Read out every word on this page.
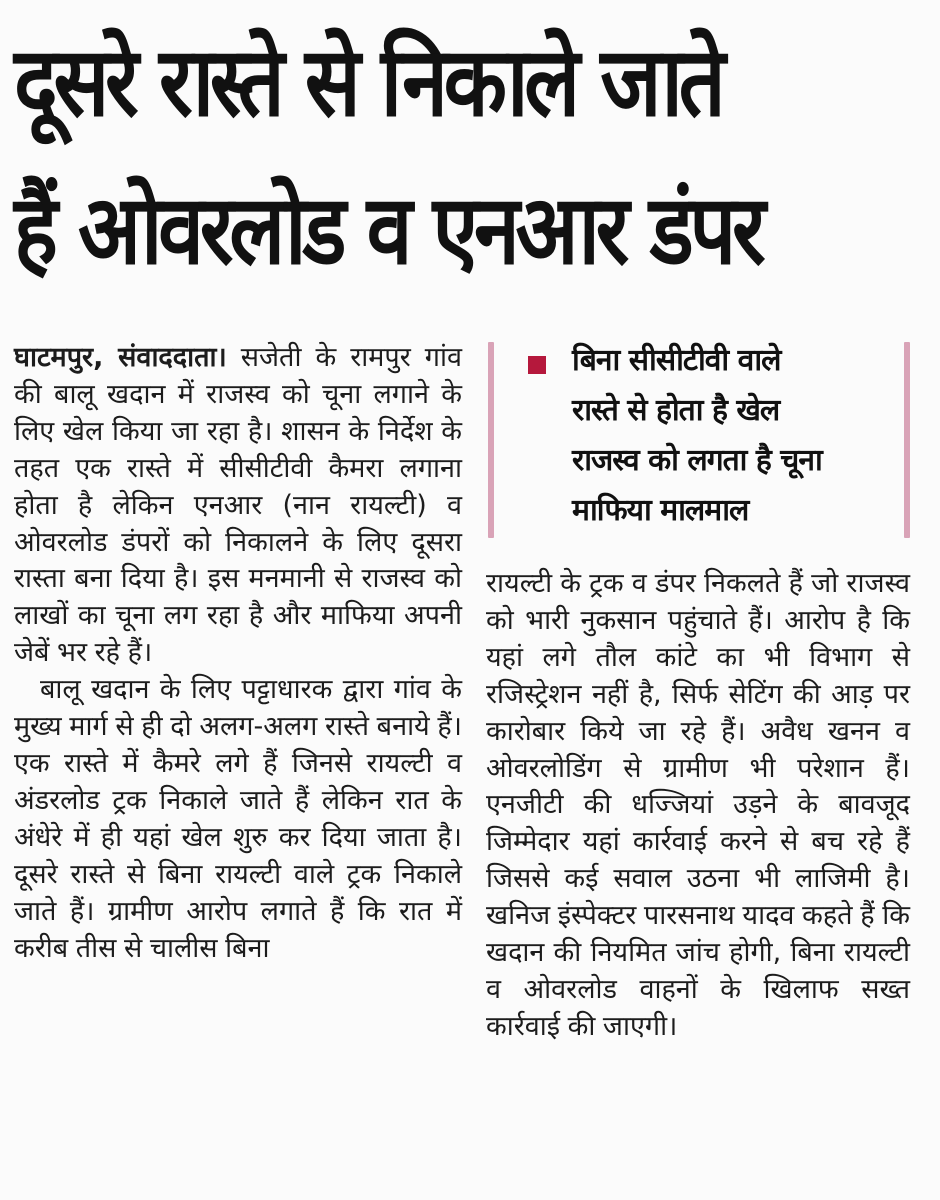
दूसरे रास्ते से निकाले जाते
हैं ओवरलोड व एनआर डंपर

घाटमपुर, संवाददाता। सजेती के रामपुर गांव की बालू खदान में राजस्व को चूना लगाने के लिए खेल किया जा रहा है। शासन के निर्देश के तहत एक रास्ते में सीसीटीवी कैमरा लगाना होता है लेकिन एनआर (नान रायल्टी) व ओवरलोड डंपरों को निकालने के लिए दूसरा रास्ता बना दिया है। इस मनमानी से राजस्व को लाखों का चूना लग रहा है और माफिया अपनी जेबें भर रहे हैं।

बालू खदान के लिए पट्टाधारक द्वारा गांव के मुख्य मार्ग से ही दो अलग-अलग रास्ते बनाये हैं। एक रास्ते में कैमरे लगे हैं जिनसे रायल्टी व अंडरलोड ट्रक निकाले जाते हैं लेकिन रात के अंधेरे में ही यहां खेल शुरु कर दिया जाता है। दूसरे रास्ते से बिना रायल्टी वाले ट्रक निकाले जाते हैं। ग्रामीण आरोप लगाते हैं कि रात में करीब तीस से चालीस बिना

बिना सीसीटीवी वाले
रास्ते से होता है खेल
राजस्व को लगता है चूना
माफिया मालमाल

रायल्टी के ट्रक व डंपर निकलते हैं जो राजस्व को भारी नुकसान पहुंचाते हैं। आरोप है कि यहां लगे तौल कांटे का भी विभाग से रजिस्ट्रेशन नहीं है, सिर्फ सेटिंग की आड़ पर कारोबार किये जा रहे हैं। अवैध खनन व ओवरलोडिंग से ग्रामीण भी परेशान हैं। एनजीटी की धज्जियां उड़ने के बावजूद जिम्मेदार यहां कार्रवाई करने से बच रहे हैं जिससे कई सवाल उठना भी लाजिमी है। खनिज इंस्पेक्टर पारसनाथ यादव कहते हैं कि खदान की नियमित जांच होगी, बिना रायल्टी व ओवरलोड वाहनों के खिलाफ सख्त कार्रवाई की जाएगी।
